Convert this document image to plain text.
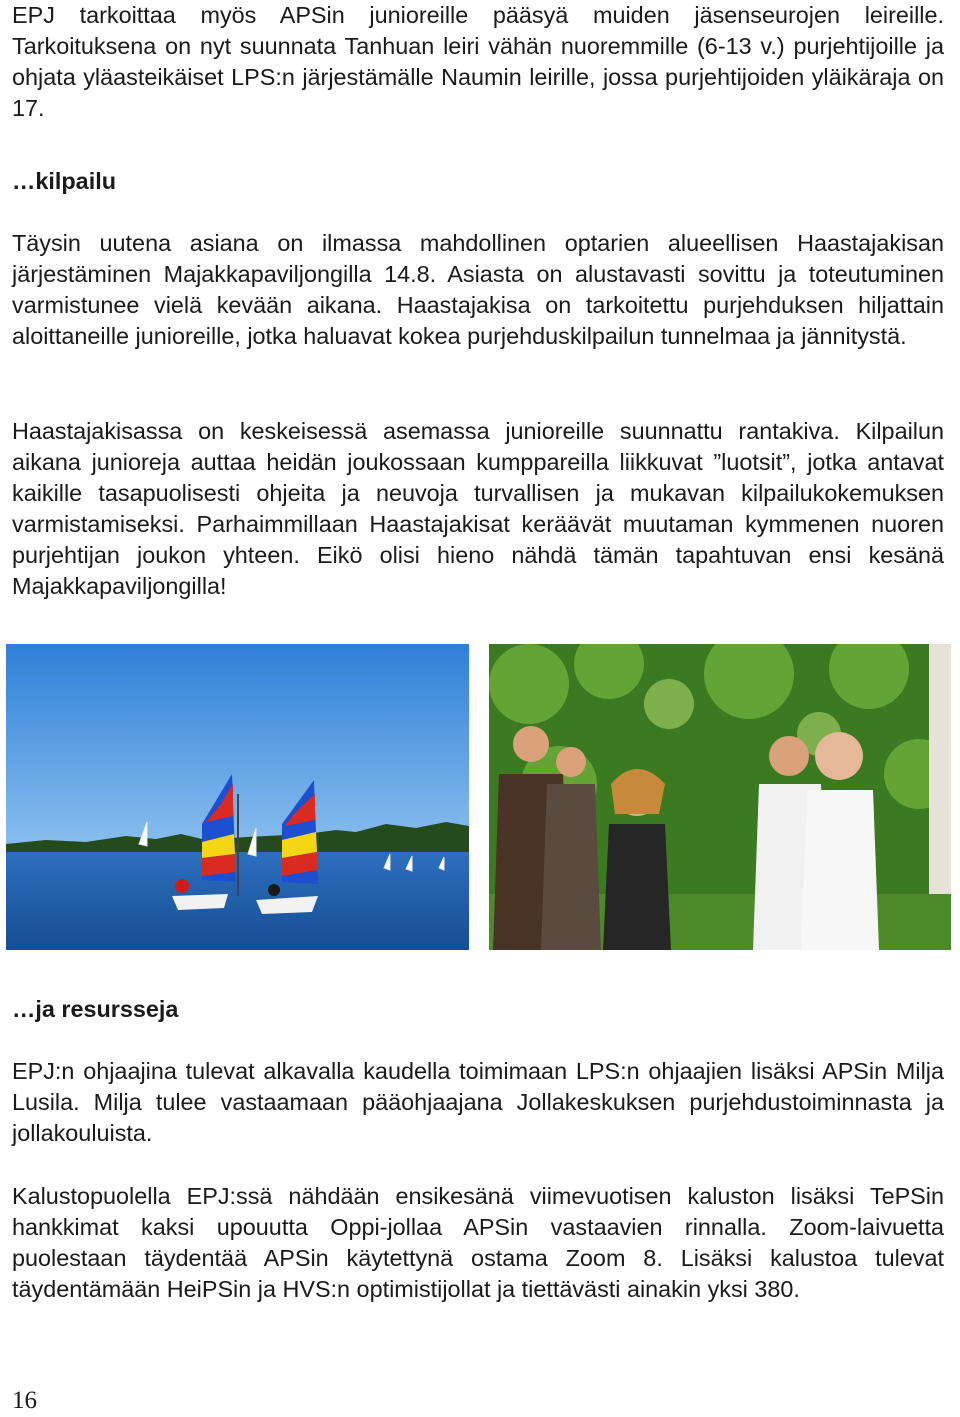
EPJ tarkoittaa myös APSin junioreille pääsyä muiden jäsenseurojen leireille. Tarkoituksena on nyt suunnata Tanhuan leiri vähän nuoremmille (6-13 v.) purjehtijoille ja ohjata yläasteikäiset LPS:n järjestämälle Naumin leirille, jossa purjehtijoiden yläikäraja on 17.

…kilpailu

Täysin uutena asiana on ilmassa mahdollinen optarien alueellisen Haastajakisan järjestäminen Majakkapaviljongilla 14.8. Asiasta on alustavasti sovittu ja toteutuminen varmistunee vielä kevään aikana. Haastajakisa on tarkoitettu purjehduksen hiljattain aloittaneille junioreille, jotka haluavat kokea purjehduskilpailun tunnelmaa ja jännitystä.

Haastajakisassa on keskeisessä asemassa junioreille suunnattu rantakiva. Kilpailun aikana junioreja auttaa heidän joukossaan kumppareilla liikkuvat ”luotsit”, jotka antavat kaikille tasapuolisesti ohjeita ja neuvoja turvallisen ja mukavan kilpailukokemuksen varmistamiseksi. Parhaimmillaan Haastajakisat keräävät muutaman kymmenen nuoren purjehtijan joukon yhteen. Eikö olisi hieno nähdä tämän tapahtuvan ensi kesänä Majakkapaviljongilla!

…ja resursseja

EPJ:n ohjaajina tulevat alkavalla kaudella toimimaan LPS:n ohjaajien lisäksi APSin Milja Lusila. Milja tulee vastaamaan pääohjaajana Jollakeskuksen purjehdustoiminnasta ja jollakouluista.

Kalustopuolella EPJ:ssä nähdään ensikesänä viimevuotisen kaluston lisäksi TePSin hankkimat kaksi upouutta Oppi-jollaa APSin vastaavien rinnalla. Zoom-laivuetta puolestaan täydentää APSin käytettynä ostama Zoom 8. Lisäksi kalustoa tulevat täydentämään HeiPSin ja HVS:n optimistijollat ja tiettävästi ainakin yksi 380.

16
